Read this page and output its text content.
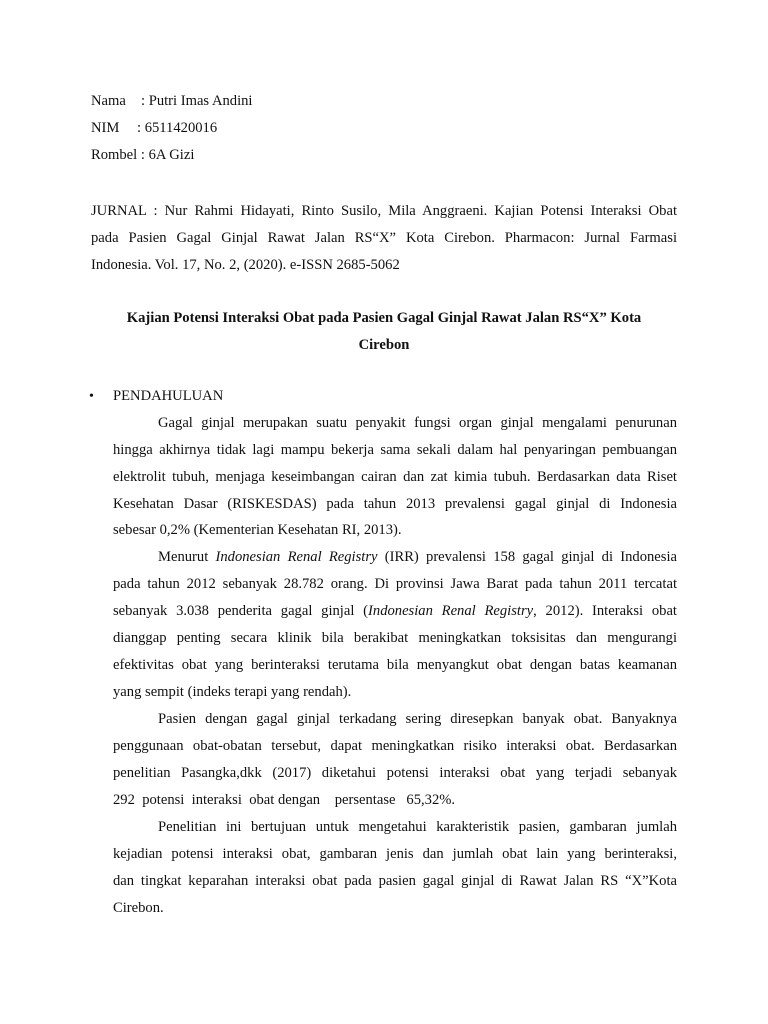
Nama : Putri Imas Andini
NIM : 6511420016
Rombel : 6A Gizi
JURNAL : Nur Rahmi Hidayati, Rinto Susilo, Mila Anggraeni. Kajian Potensi Interaksi Obat
pada Pasien Gagal Ginjal Rawat Jalan RS“X” Kota Cirebon. Pharmacon: Jurnal Farmasi
Indonesia. Vol. 17, No. 2, (2020). e-ISSN 2685-5062
Kajian Potensi Interaksi Obat pada Pasien Gagal Ginjal Rawat Jalan RS“X” Kota
Cirebon
• PENDAHULUAN
Gagal ginjal merupakan suatu penyakit fungsi organ ginjal mengalami penurunan
hingga akhirnya tidak lagi mampu bekerja sama sekali dalam hal penyaringan pembuangan
elektrolit tubuh, menjaga keseimbangan cairan dan zat kimia tubuh. Berdasarkan data Riset
Kesehatan Dasar (RISKESDAS) pada tahun 2013 prevalensi gagal ginjal di Indonesia
sebesar 0,2% (Kementerian Kesehatan RI, 2013).
Menurut Indonesian Renal Registry (IRR) prevalensi 158 gagal ginjal di Indonesia
pada tahun 2012 sebanyak 28.782 orang. Di provinsi Jawa Barat pada tahun 2011 tercatat
sebanyak 3.038 penderita gagal ginjal (Indonesian Renal Registry, 2012). Interaksi obat
dianggap penting secara klinik bila berakibat meningkatkan toksisitas dan mengurangi
efektivitas obat yang berinteraksi terutama bila menyangkut obat dengan batas keamanan
yang sempit (indeks terapi yang rendah).
Pasien dengan gagal ginjal terkadang sering diresepkan banyak obat. Banyaknya
penggunaan obat-obatan tersebut, dapat meningkatkan risiko interaksi obat. Berdasarkan
penelitian Pasangka,dkk (2017) diketahui potensi interaksi obat yang terjadi sebanyak
292  potensi  interaksi  obat dengan    persentase   65,32%.
Penelitian ini bertujuan untuk mengetahui karakteristik pasien, gambaran jumlah
kejadian potensi interaksi obat, gambaran jenis dan jumlah obat lain yang berinteraksi,
dan tingkat keparahan interaksi obat pada pasien gagal ginjal di Rawat Jalan RS “X”Kota
Cirebon.
